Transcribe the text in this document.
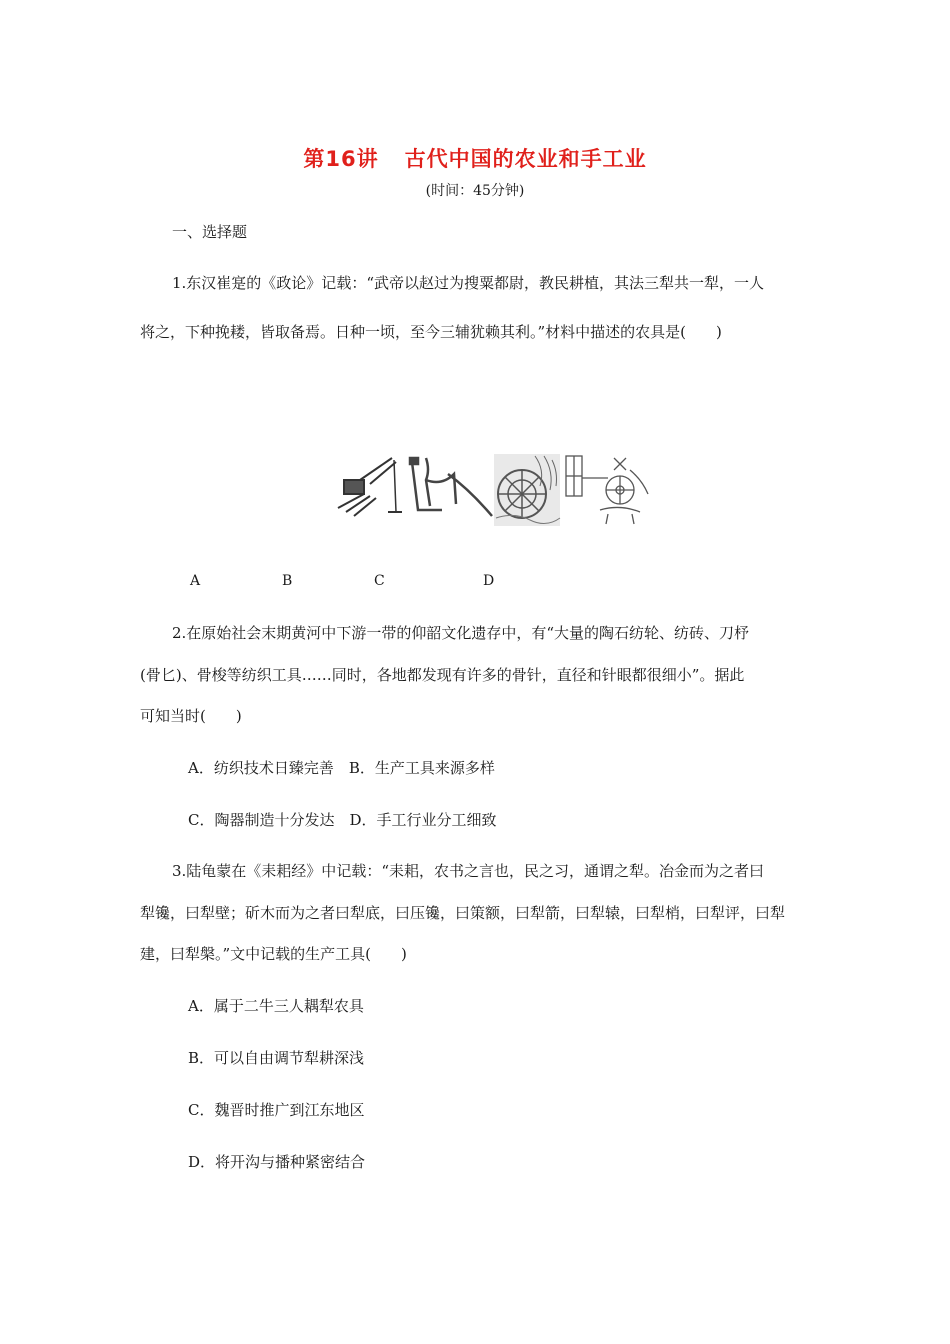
第16讲 古代中国的农业和手工业
(时间：45分钟)
一、选择题
1.东汉崔寔的《政论》记载：“武帝以赵过为搜粟都尉，教民耕植，其法三犁共一犁，一人
将之，下种挽耧，皆取备焉。日种一顷，至今三辅犹赖其利。”材料中描述的农具是(　　)
A	B	C	D
2.在原始社会末期黄河中下游一带的仰韶文化遗存中，有“大量的陶石纺轮、纺砖、刀杼
(骨匕)、骨梭等纺织工具……同时，各地都发现有许多的骨针，直径和针眼都很细小”。据此
可知当时(　　)
A．纺织技术日臻完善　B．生产工具来源多样
C．陶器制造十分发达　D．手工行业分工细致
3.陆龟蒙在《耒耜经》中记载：“耒耜，农书之言也，民之习，通谓之犁。冶金而为之者曰
犁镵，曰犁壁；斫木而为之者曰犁底，曰压镵，曰策额，曰犁箭，曰犁辕，曰犁梢，曰犁评，曰犁
建，曰犁槃。”文中记载的生产工具(　　)
A．属于二牛三人耦犁农具
B．可以自由调节犁耕深浅
C．魏晋时推广到江东地区
D．将开沟与播种紧密结合
